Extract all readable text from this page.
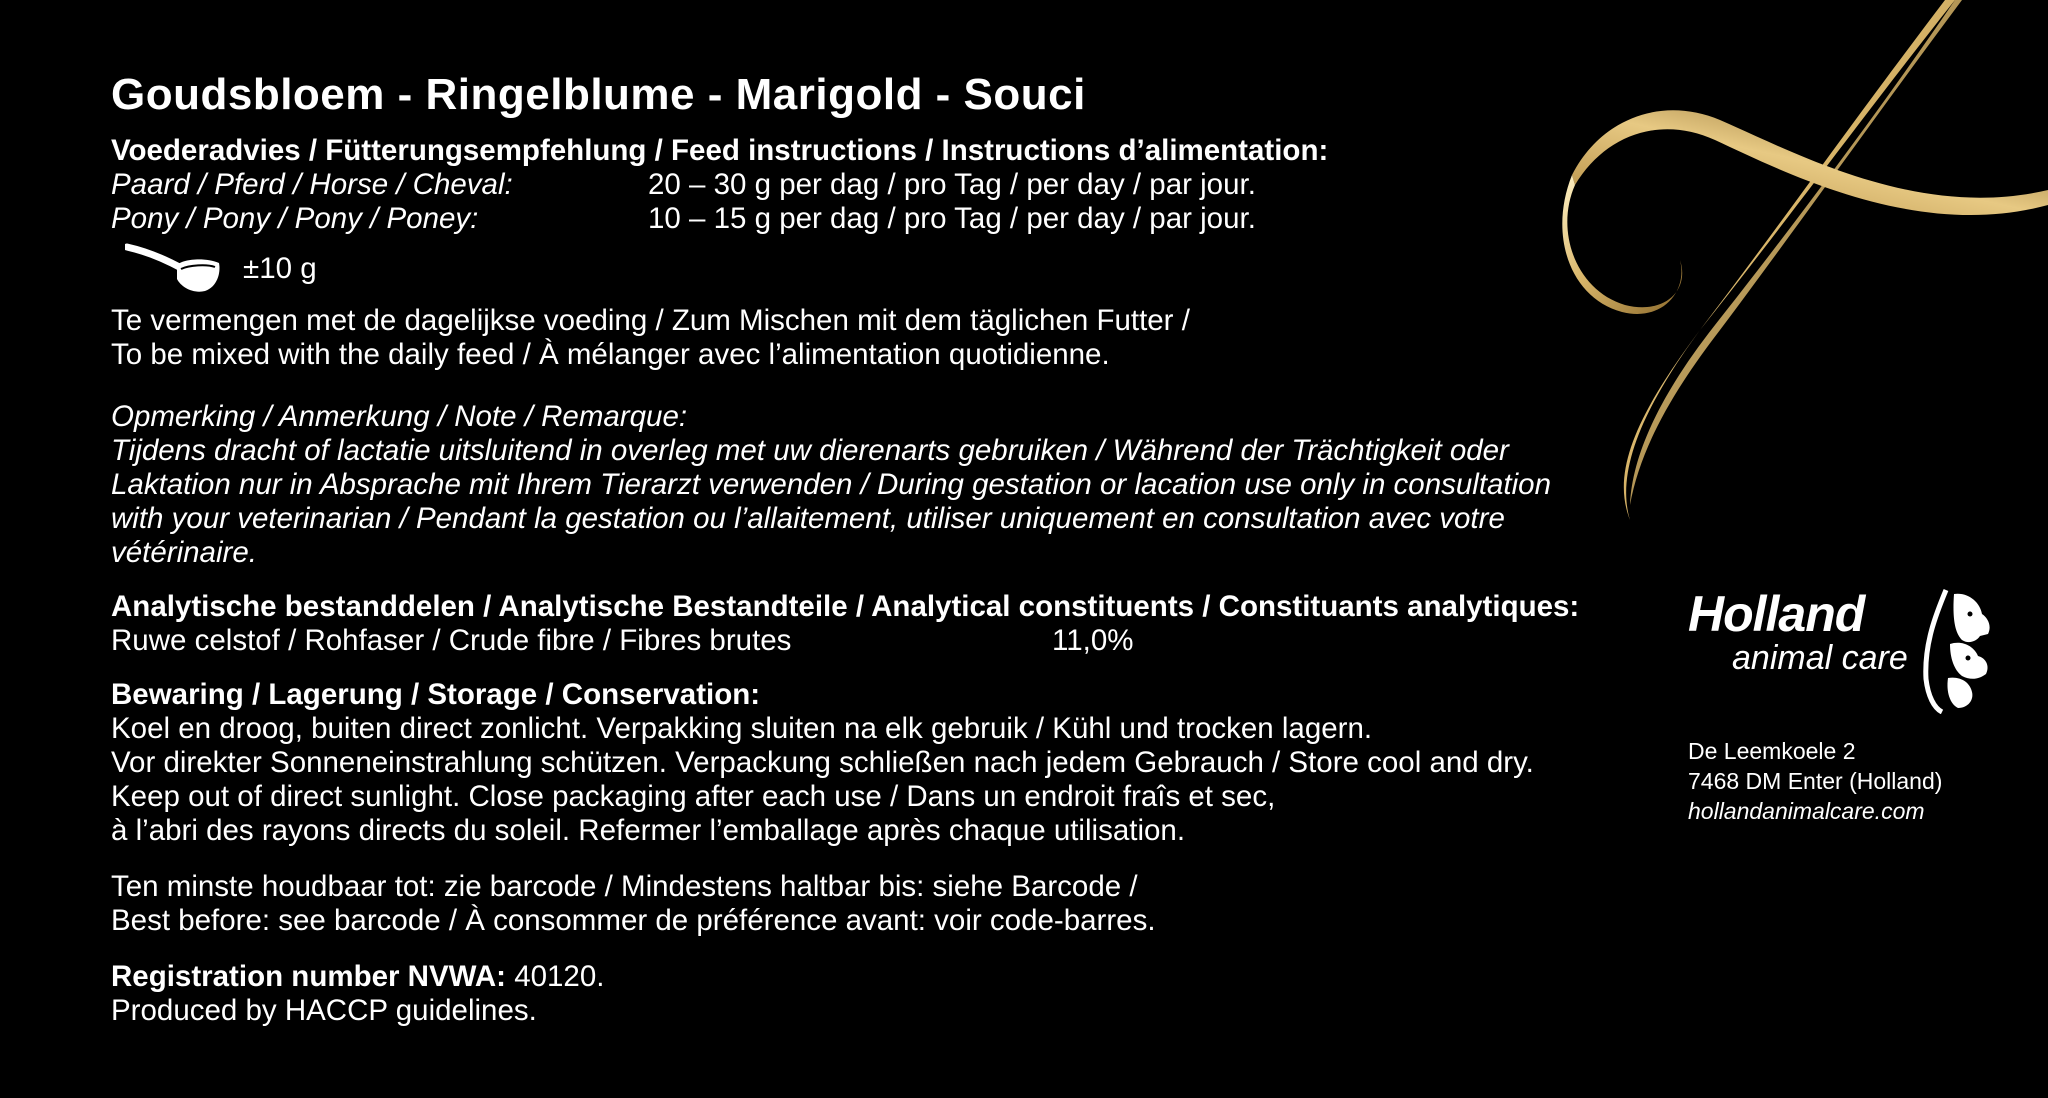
Goudsbloem - Ringelblume - Marigold - Souci
Voederadvies / Fütterungsempfehlung / Feed instructions / Instructions d’alimentation:
Paard / Pferd / Horse / Cheval:	20 – 30 g per dag / pro Tag / per day / par jour.
Pony / Pony / Pony / Poney:	10 – 15 g per dag / pro Tag / per day / par jour.
±10 g
Te vermengen met de dagelijkse voeding / Zum Mischen mit dem täglichen Futter /
To be mixed with the daily feed / À mélanger avec l’alimentation quotidienne.
Opmerking / Anmerkung / Note / Remarque:
Tijdens dracht of lactatie uitsluitend in overleg met uw dierenarts gebruiken / Während der Trächtigkeit oder
Laktation nur in Absprache mit Ihrem Tierarzt verwenden / During gestation or lacation use only in consultation
with your veterinarian / Pendant la gestation ou l’allaitement, utiliser uniquement en consultation avec votre
vétérinaire.
Analytische bestanddelen / Analytische Bestandteile / Analytical constituents / Constituants analytiques:
Ruwe celstof / Rohfaser / Crude fibre / Fibres brutes	11,0%
Bewaring / Lagerung / Storage / Conservation:
Koel en droog, buiten direct zonlicht. Verpakking sluiten na elk gebruik / Kühl und trocken lagern.
Vor direkter Sonneneinstrahlung schützen. Verpackung schließen nach jedem Gebrauch / Store cool and dry.
Keep out of direct sunlight. Close packaging after each use / Dans un endroit fraîs et sec,
à l’abri des rayons directs du soleil. Refermer l’emballage après chaque utilisation.
Ten minste houdbaar tot: zie barcode / Mindestens haltbar bis: siehe Barcode /
Best before: see barcode / À consommer de préférence avant: voir code-barres.
Registration number NVWA: 40120.
Produced by HACCP guidelines.
Holland
animal care
De Leemkoele 2
7468 DM Enter (Holland)
hollandanimalcare.com
